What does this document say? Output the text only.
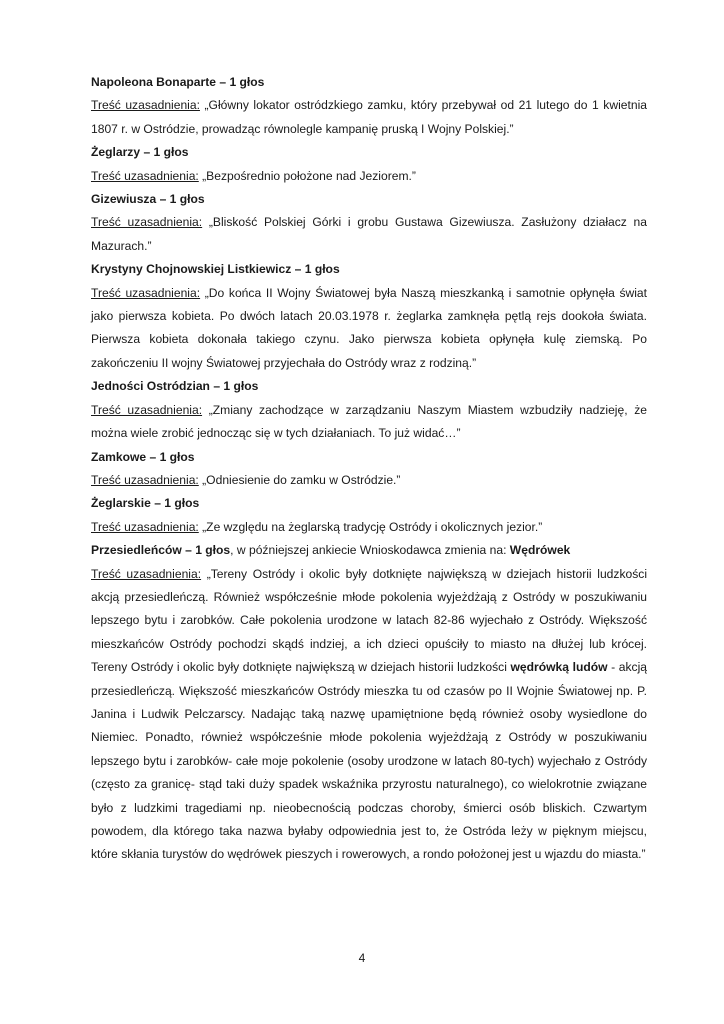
Napoleona Bonaparte – 1 głos

Treść uzasadnienia: „Główny lokator ostródzkiego zamku, który przebywał od 21 lutego do 1 kwietnia 1807 r. w Ostródzie, prowadząc równolegle kampanię pruską I Wojny Polskiej.”

Żeglarzy – 1 głos

Treść uzasadnienia: „Bezpośrednio położone nad Jeziorem.”

Gizewiusza – 1 głos

Treść uzasadnienia: „Bliskość Polskiej Górki i grobu Gustawa Gizewiusza. Zasłużony działacz na Mazurach.”

Krystyny Chojnowskiej Listkiewicz – 1 głos

Treść uzasadnienia: „Do końca II Wojny Światowej była Naszą mieszkanką i samotnie opłynęła świat jako pierwsza kobieta. Po dwóch latach 20.03.1978 r. żeglarka zamknęła pętlą rejs dookoła świata. Pierwsza kobieta dokonała takiego czynu. Jako pierwsza kobieta opłynęła kulę ziemską. Po zakończeniu II wojny Światowej przyjechała do Ostródy wraz z rodziną.”

Jedności Ostródzian – 1 głos

Treść uzasadnienia: „Zmiany zachodzące w zarządzaniu Naszym Miastem wzbudziły nadzieję, że można wiele zrobić jednocząc się w tych działaniach. To już widać…”

Zamkowe – 1 głos

Treść uzasadnienia: „Odniesienie do zamku w Ostródzie.”

Żeglarskie – 1 głos

Treść uzasadnienia: „Ze względu na żeglarską tradycję Ostródy i okolicznych jezior.”

Przesiedleńców – 1 głos, w późniejszej ankiecie Wnioskodawca zmienia na: Wędrówek

Treść uzasadnienia: „Tereny Ostródy i okolic były dotknięte największą w dziejach historii ludzkości akcją przesiedleńczą. Również współcześnie młode pokolenia wyjeżdżają z Ostródy w poszukiwaniu lepszego bytu i zarobków. Całe pokolenia urodzone w latach 82-86 wyjechało z Ostródy. Większość mieszkańców Ostródy pochodzi skądś indziej, a ich dzieci opuściły to miasto na dłużej lub krócej. Tereny Ostródy i okolic były dotknięte największą w dziejach historii ludzkości wędrówką ludów - akcją przesiedleńczą. Większość mieszkańców Ostródy mieszka tu od czasów po II Wojnie Światowej np. P. Janina i Ludwik Pelczarscy. Nadając taką nazwę upamiętnione będą również osoby wysiedlone do Niemiec. Ponadto, również współcześnie młode pokolenia wyjeżdżają z Ostródy w poszukiwaniu lepszego bytu i zarobków- całe moje pokolenie (osoby urodzone w latach 80-tych) wyjechało z Ostródy (często za granicę- stąd taki duży spadek wskaźnika przyrostu naturalnego), co wielokrotnie związane było z ludzkimi tragediami np. nieobecnością podczas choroby, śmierci osób bliskich. Czwartym powodem, dla którego taka nazwa byłaby odpowiednia jest to, że Ostróda leży w pięknym miejscu, które skłania turystów do wędrówek pieszych i rowerowych, a rondo położonej jest u wjazdu do miasta.”

4
